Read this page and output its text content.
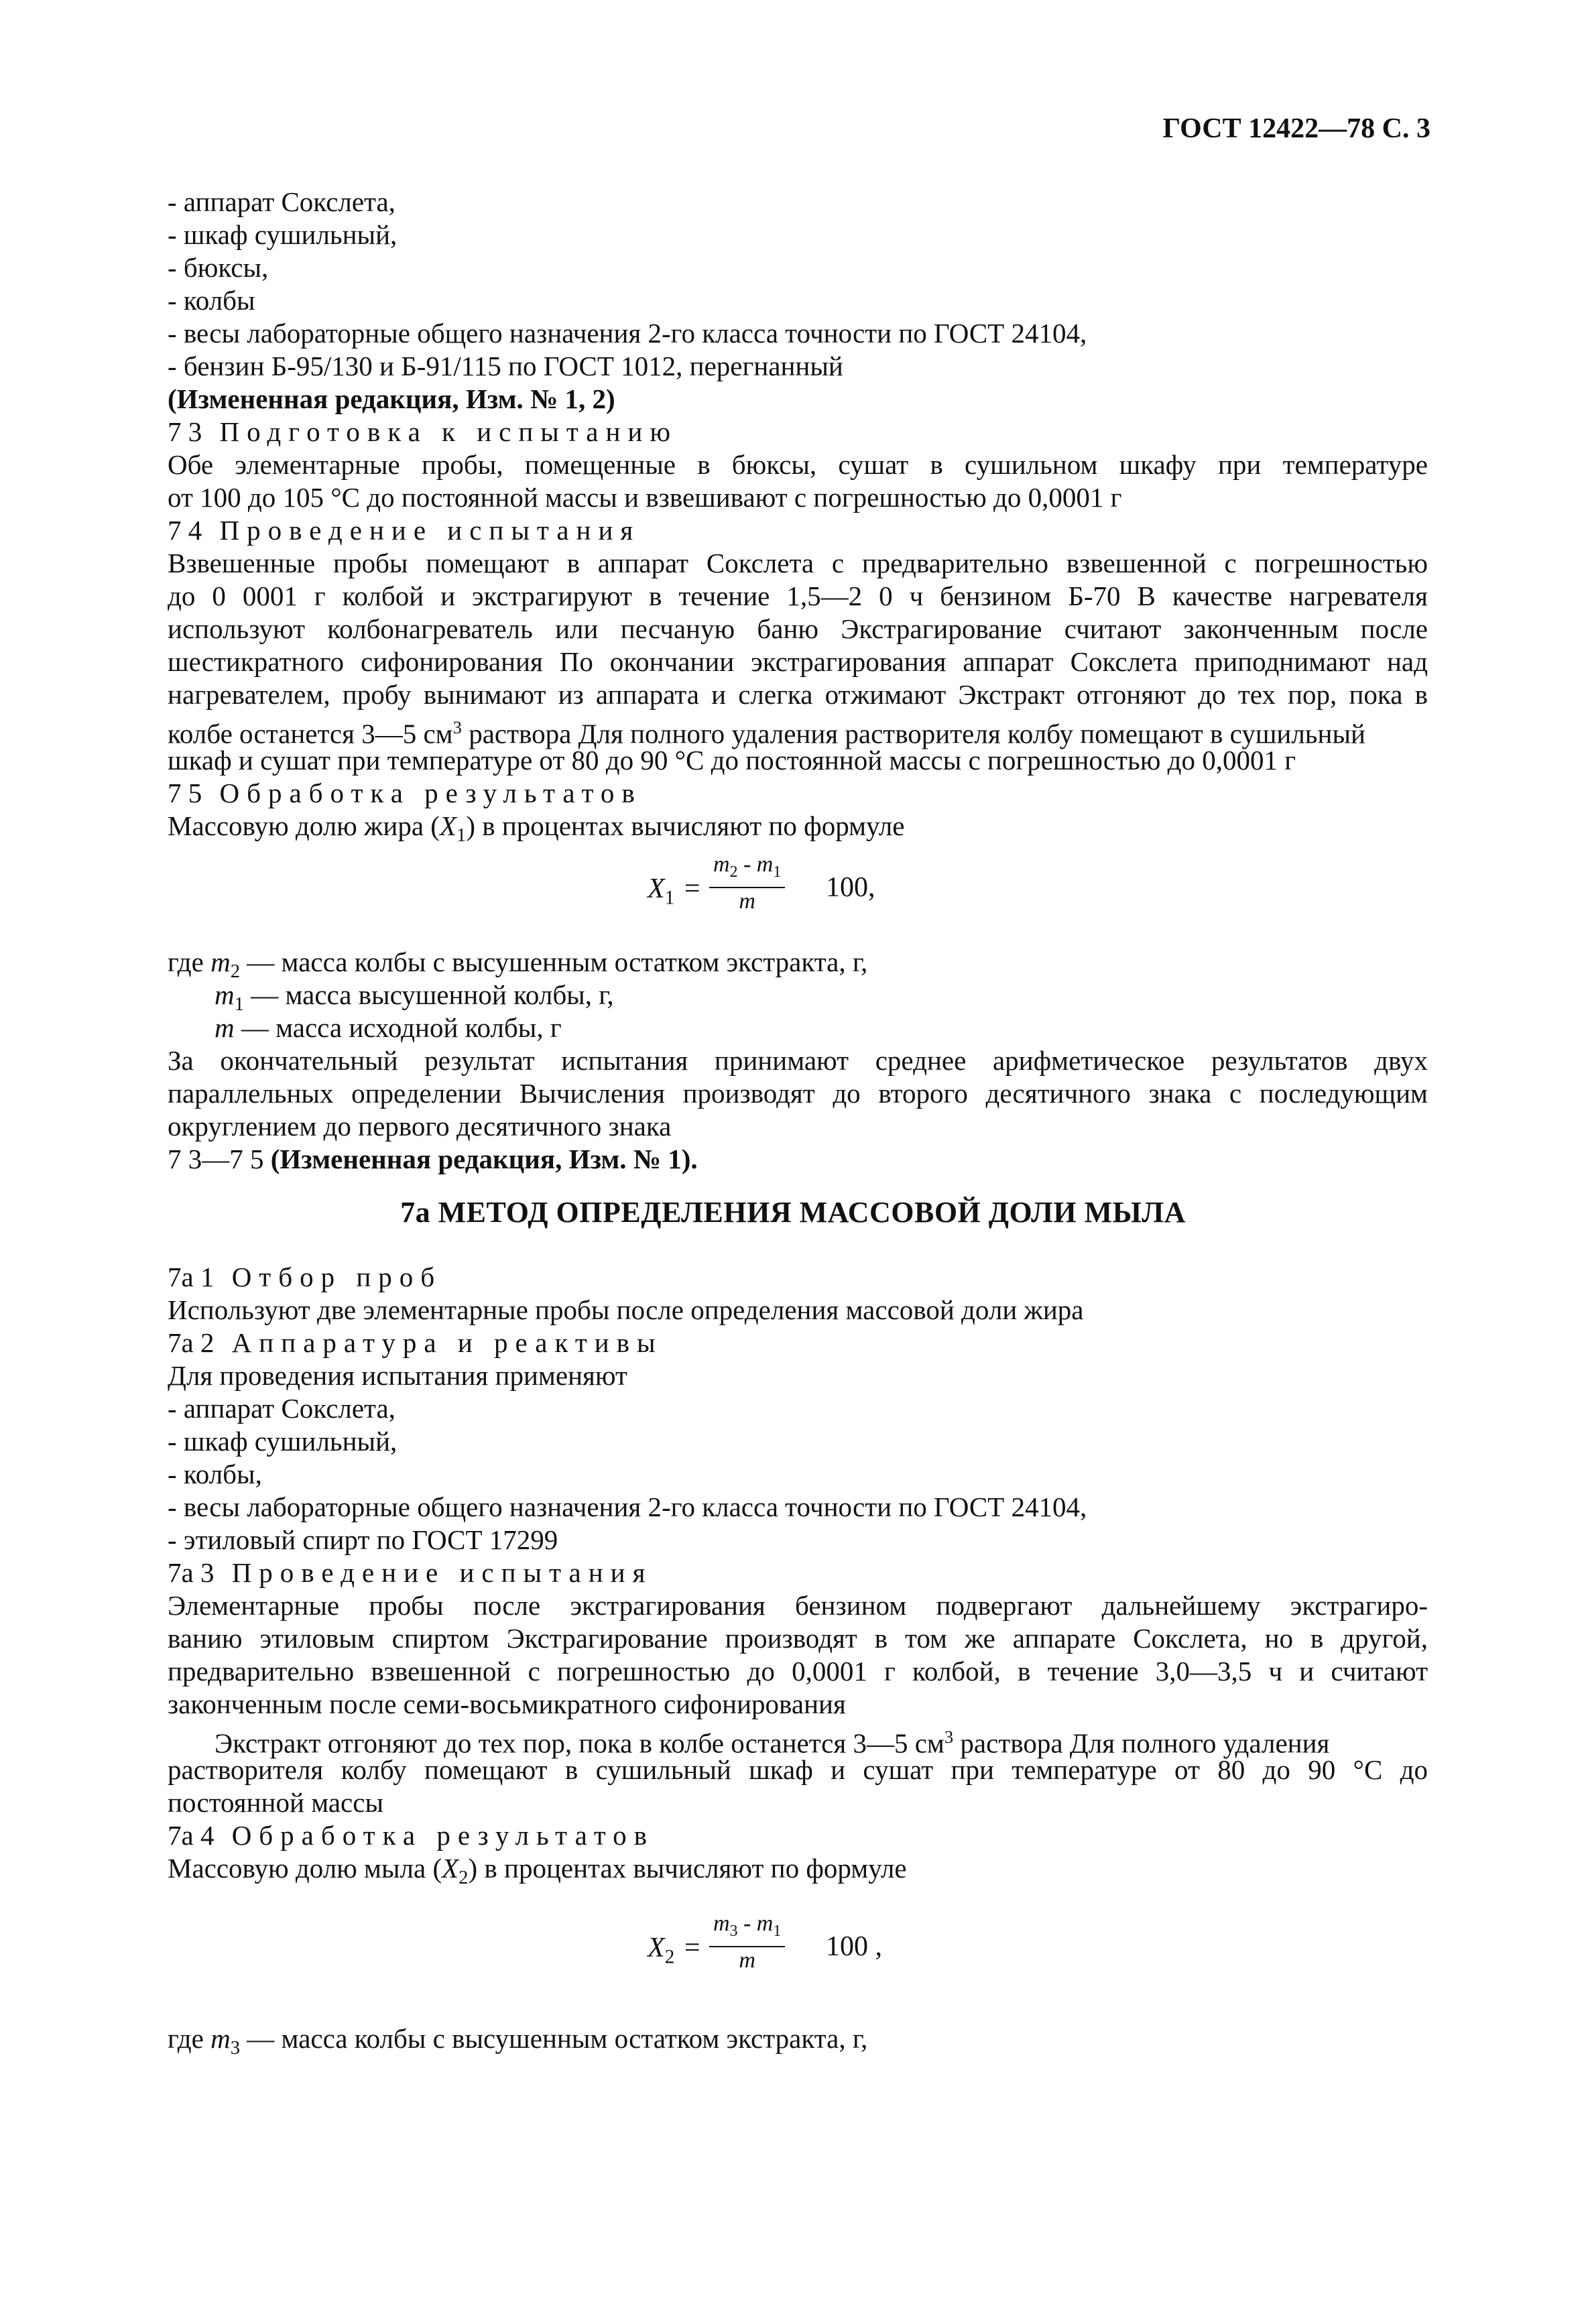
ГОСТ 12422—78 С. 3
- аппарат Сокслета,
- шкаф сушильный,
- бюксы,
- колбы
- весы лабораторные общего назначения 2-го класса точности по ГОСТ 24104,
- бензин Б-95/130 и Б-91/115 по ГОСТ 1012, перегнанный
(Измененная редакция, Изм. № 1, 2)
7 3 Подготовка к испытанию
Обе элементарные пробы, помещенные в бюксы, сушат в сушильном шкафу при температуре
от 100 до 105 °С до постоянной массы и взвешивают с погрешностью до 0,0001 г
7 4 Проведение испытания
Взвешенные пробы помещают в аппарат Сокслета с предварительно взвешенной с погрешностью
до 0 0001 г колбой и экстрагируют в течение 1,5—2 0 ч бензином Б-70 В качестве нагревателя
используют колбонагреватель или песчаную баню Экстрагирование считают законченным после
шестикратного сифонирования По окончании экстрагирования аппарат Сокслета приподнимают над
нагревателем, пробу вынимают из аппарата и слегка отжимают Экстракт отгоняют до тех пор, пока в
колбе останется 3—5 $см^3$ раствора Для полного удаления растворителя колбу помещают в сушильный
шкаф и сушат при температуре от 80 до 90 °С до постоянной массы с погрешностью до 0,0001 г
7 5 Обработка результатов
Массовую долю жира $(X_1)$ в процентах вычисляют по формуле
$X_1 = \frac{m_2 - m_1}{m} 100$,
где $m_2$ — масса колбы с высушенным остатком экстракта, г,
$m_1$ — масса высушенной колбы, г,
m — масса исходной колбы, г
За окончательный результат испытания принимают среднее арифметическое результатов двух
параллельных определении Вычисления производят до второго десятичного знака с последующим
округлением до первого десятичного знака
7 3—7 5 (Измененная редакция, Изм. № 1).
7а МЕТОД ОПРЕДЕЛЕНИЯ МАССОВОЙ ДОЛИ МЫЛА
7а 1 Отбор проб
Используют две элементарные пробы после определения массовой доли жира
7а 2 Аппаратура и реактивы
Для проведения испытания применяют
- аппарат Сокслета,
- шкаф сушильный,
- колбы,
- весы лабораторные общего назначения 2-го класса точности по ГОСТ 24104,
- этиловый спирт по ГОСТ 17299
7а 3 Проведение испытания
Элементарные пробы после экстрагирования бензином подвергают дальнейшему экстрагиро-
ванию этиловым спиртом Экстрагирование производят в том же аппарате Сокслета, но в другой,
предварительно взвешенной с погрешностью до 0,0001 г колбой, в течение 3,0—3,5 ч и считают
законченным после семи-восьмикратного сифонирования
Экстракт отгоняют до тех пор, пока в колбе останется 3—5 $см^3$ раствора Для полного удаления
растворителя колбу помещают в сушильный шкаф и сушат при температуре от 80 до 90 °С до
постоянной массы
7а 4 Обработка результатов
Массовую долю мыла $(X_2)$ в процентах вычисляют по формуле
$X_2 = \frac{m_3 - m_1}{m} 100$ ,
где $m_3$ — масса колбы с высушенным остатком экстракта, г,
